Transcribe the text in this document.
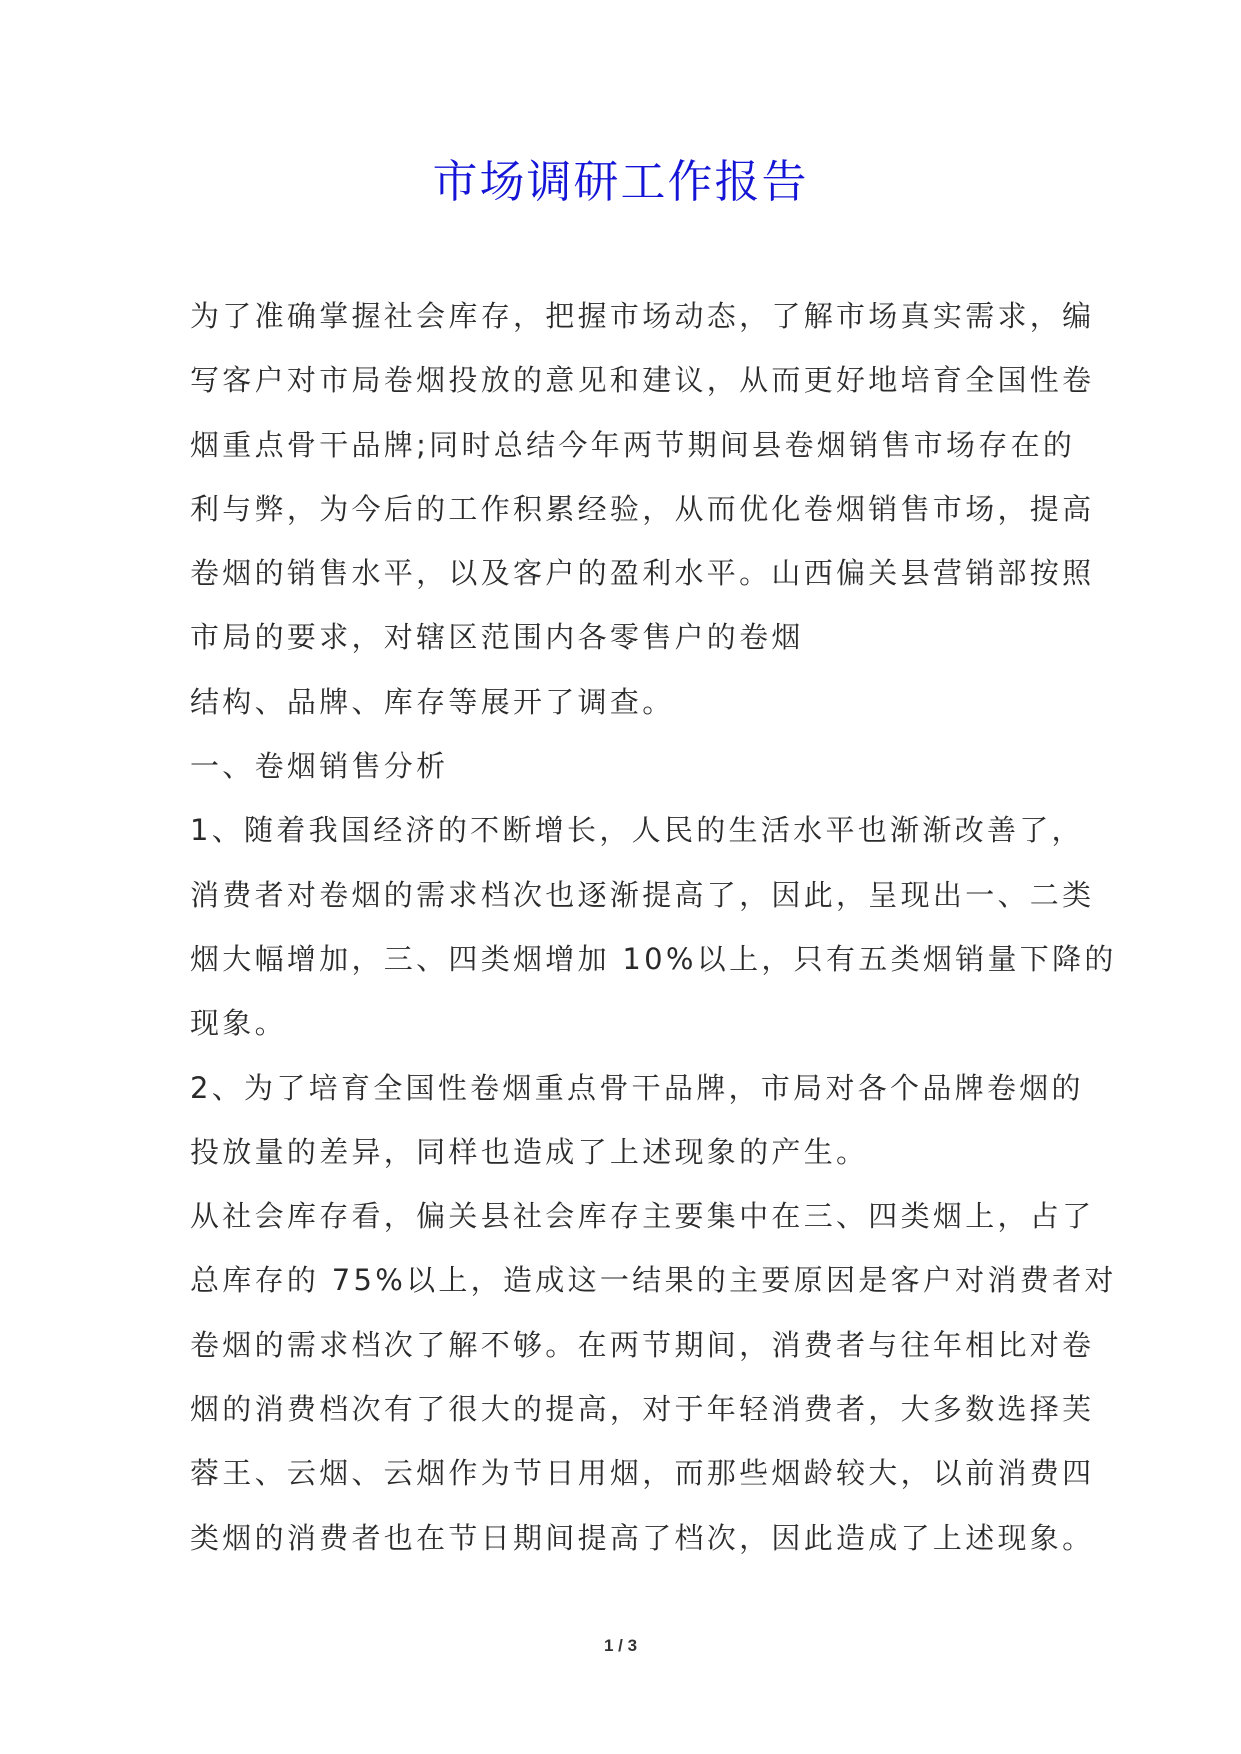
市场调研工作报告
为了准确掌握社会库存，把握市场动态，了解市场真实需求，编
写客户对市局卷烟投放的意见和建议，从而更好地培育全国性卷
烟重点骨干品牌;同时总结今年两节期间县卷烟销售市场存在的
利与弊，为今后的工作积累经验，从而优化卷烟销售市场，提高
卷烟的销售水平，以及客户的盈利水平。山西偏关县营销部按照
市局的要求，对辖区范围内各零售户的卷烟
结构、品牌、库存等展开了调查。
一、卷烟销售分析
1、随着我国经济的不断增长，人民的生活水平也渐渐改善了，
消费者对卷烟的需求档次也逐渐提高了，因此，呈现出一、二类
烟大幅增加，三、四类烟增加 10%以上，只有五类烟销量下降的
现象。
2、为了培育全国性卷烟重点骨干品牌，市局对各个品牌卷烟的
投放量的差异，同样也造成了上述现象的产生。
从社会库存看，偏关县社会库存主要集中在三、四类烟上，占了
总库存的 75%以上，造成这一结果的主要原因是客户对消费者对
卷烟的需求档次了解不够。在两节期间，消费者与往年相比对卷
烟的消费档次有了很大的提高，对于年轻消费者，大多数选择芙
蓉王、云烟、云烟作为节日用烟，而那些烟龄较大，以前消费四
类烟的消费者也在节日期间提高了档次，因此造成了上述现象。
1 / 3
